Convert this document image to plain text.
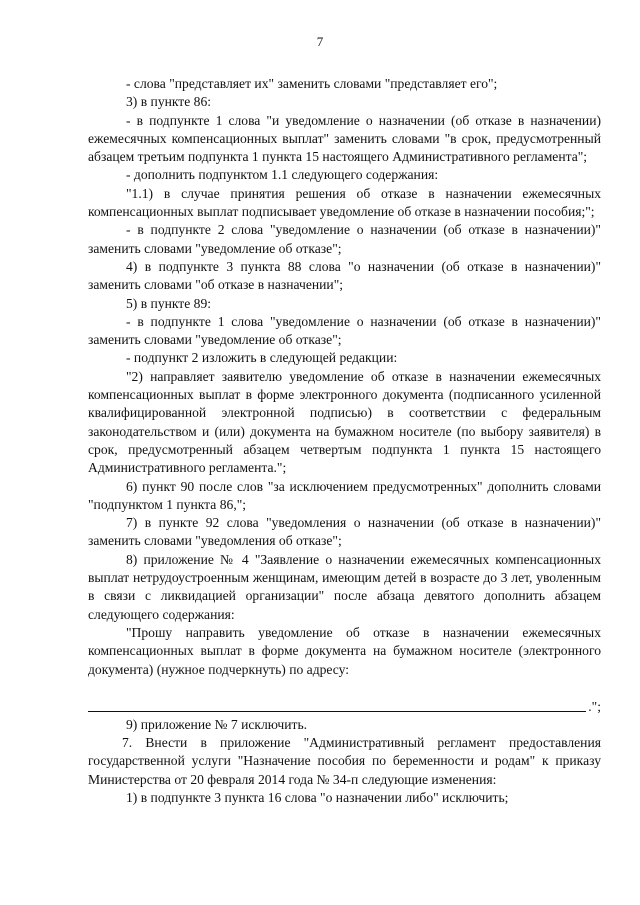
7

- слова "представляет их" заменить словами "представляет его";

3) в пункте 86:

- в подпункте 1 слова "и уведомление о назначении (об отказе в назначении) ежемесячных компенсационных выплат" заменить словами "в срок, предусмотренный абзацем третьим подпункта 1 пункта 15 настоящего Административного регламента";

- дополнить подпунктом 1.1 следующего содержания:

"1.1) в случае принятия решения об отказе в назначении ежемесячных компенсационных выплат подписывает уведомление об отказе в назначении пособия;";

- в подпункте 2 слова "уведомление о назначении (об отказе в назначении)" заменить словами "уведомление об отказе";

4) в подпункте 3 пункта 88 слова "о назначении (об отказе в назначении)" заменить словами "об отказе в назначении";

5) в пункте 89:

- в подпункте 1 слова "уведомление о назначении (об отказе в назначении)" заменить словами "уведомление об отказе";

- подпункт 2 изложить в следующей редакции:

"2) направляет заявителю уведомление об отказе в назначении ежемесячных компенсационных выплат в форме электронного документа (подписанного усиленной квалифицированной электронной подписью) в соответствии с федеральным законодательством и (или) документа на бумажном носителе (по выбору заявителя) в срок, предусмотренный абзацем четвертым подпункта 1 пункта 15 настоящего Административного регламента.";

6) пункт 90 после слов "за исключением предусмотренных" дополнить словами "подпунктом 1 пункта 86,";

7) в пункте 92 слова "уведомления о назначении (об отказе в назначении)" заменить словами "уведомления об отказе";

8) приложение № 4 "Заявление о назначении ежемесячных компенсационных выплат нетрудоустроенным женщинам, имеющим детей в возрасте до 3 лет, уволенным в связи с ликвидацией организации" после абзаца девятого дополнить абзацем следующего содержания:

"Прошу направить уведомление об отказе в назначении ежемесячных компенсационных выплат в форме документа на бумажном носителе (электронного документа) (нужное подчеркнуть) по адресу:

.";

9) приложение № 7 исключить.

7. Внести в приложение "Административный регламент предоставления государственной услуги "Назначение пособия по беременности и родам" к приказу Министерства от 20 февраля 2014 года № 34-п следующие изменения:

1) в подпункте 3 пункта 16 слова "о назначении либо" исключить;
